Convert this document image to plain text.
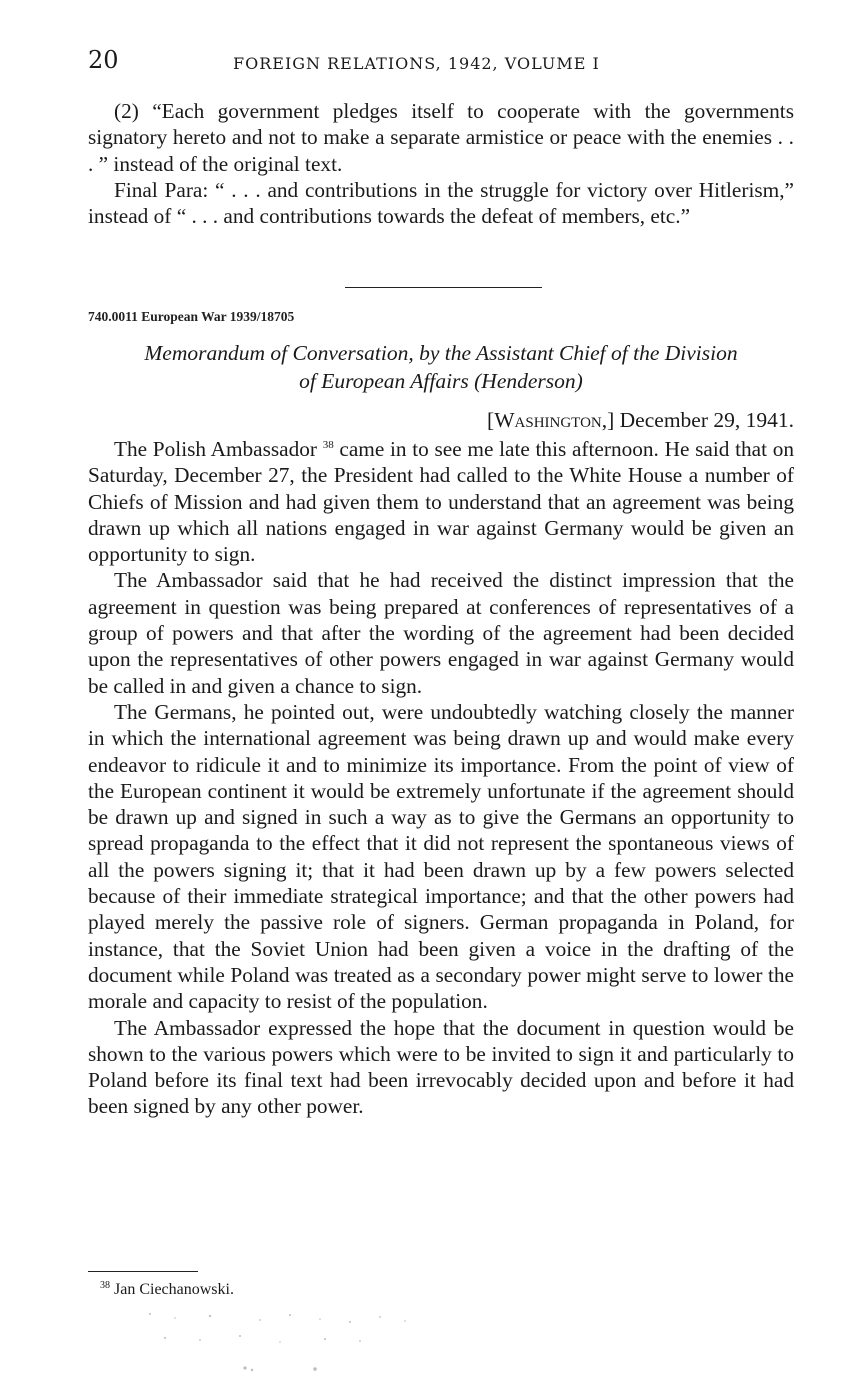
20	FOREIGN RELATIONS, 1942, VOLUME I

(2) “Each government pledges itself to cooperate with the governments signatory hereto and not to make a separate armistice or peace with the enemies . . . ” instead of the original text.

Final Para: “ . . . and contributions in the struggle for victory over Hitlerism,” instead of “ . . . and contributions towards the defeat of members, etc.”

740.0011 European War 1939/18705
Memorandum of Conversation, by the Assistant Chief of the Division
of European Affairs (Henderson)
[WASHINGTON,] December 29, 1941.

The Polish Ambassador $^{38}$ came in to see me late this afternoon. He said that on Saturday, December 27, the President had called to the White House a number of Chiefs of Mission and had given them to understand that an agreement was being drawn up which all nations engaged in war against Germany would be given an opportunity to sign.

The Ambassador said that he had received the distinct impression that the agreement in question was being prepared at conferences of representatives of a group of powers and that after the wording of the agreement had been decided upon the representatives of other powers engaged in war against Germany would be called in and given a chance to sign.

The Germans, he pointed out, were undoubtedly watching closely the manner in which the international agreement was being drawn up and would make every endeavor to ridicule it and to minimize its importance. From the point of view of the European continent it would be extremely unfortunate if the agreement should be drawn up and signed in such a way as to give the Germans an opportunity to spread propaganda to the effect that it did not represent the spontaneous views of all the powers signing it; that it had been drawn up by a few powers selected because of their immediate strategical importance; and that the other powers had played merely the passive role of signers. German propaganda in Poland, for instance, that the Soviet Union had been given a voice in the drafting of the document while Poland was treated as a secondary power might serve to lower the morale and capacity to resist of the population.

The Ambassador expressed the hope that the document in question would be shown to the various powers which were to be invited to sign it and particularly to Poland before its final text had been irrevocably decided upon and before it had been signed by any other power.

$^{38}$ Jan Ciechanowski.
